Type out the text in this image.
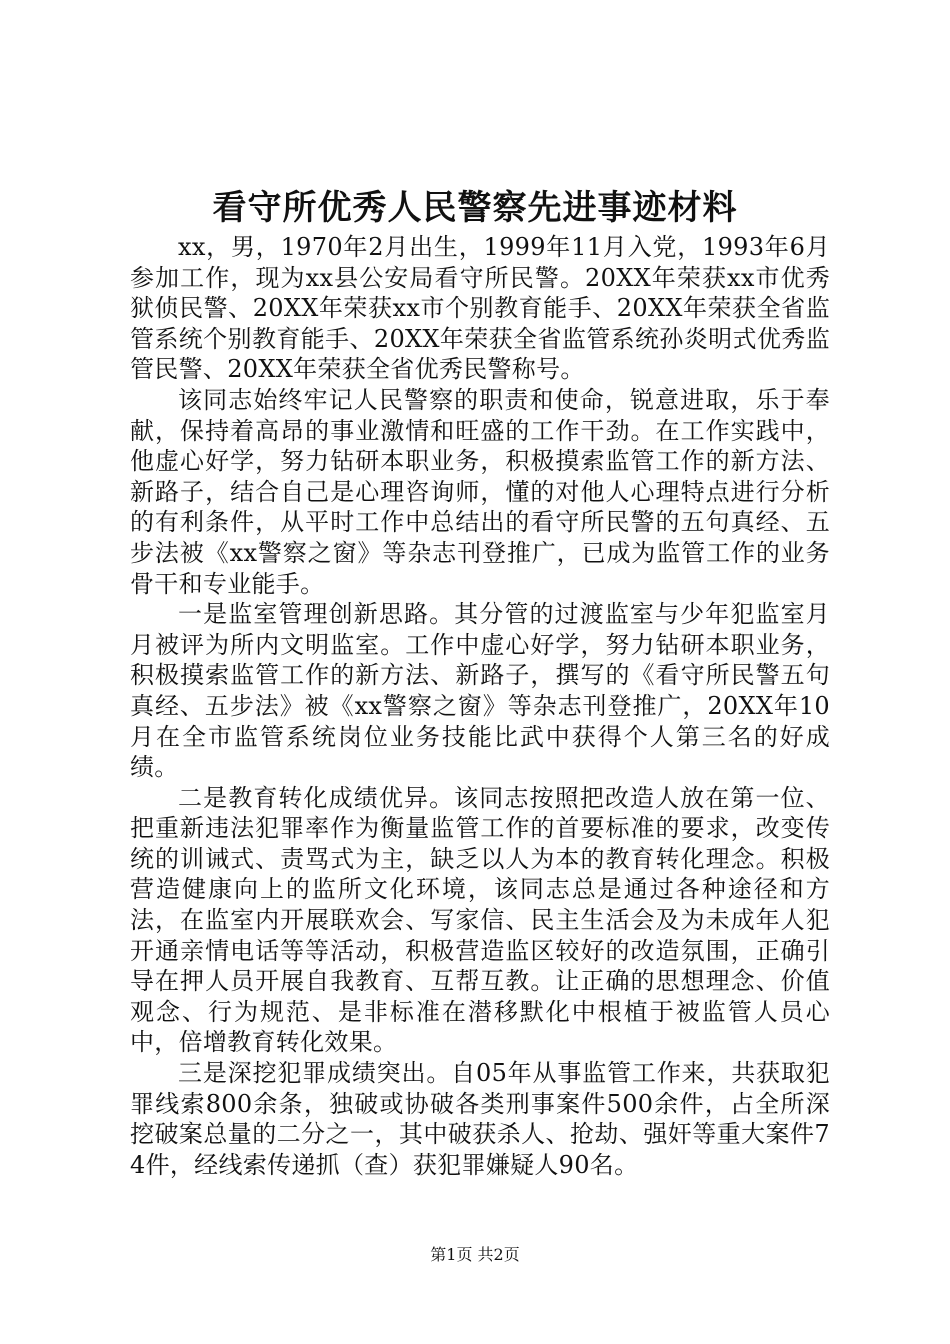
看守所优秀人民警察先进事迹材料

xx，男，1970年2月出生，1999年11月入党，1993年6月参加工作，现为xx县公安局看守所民警。20XX年荣获xx市优秀狱侦民警、20XX年荣获xx市个别教育能手、20XX年荣获全省监管系统个别教育能手、20XX年荣获全省监管系统孙炎明式优秀监管民警、20XX年荣获全省优秀民警称号。

该同志始终牢记人民警察的职责和使命，锐意进取，乐于奉献，保持着高昂的事业激情和旺盛的工作干劲。在工作实践中，他虚心好学，努力钻研本职业务，积极摸索监管工作的新方法、新路子，结合自己是心理咨询师，懂的对他人心理特点进行分析的有利条件，从平时工作中总结出的看守所民警的五句真经、五步法被《xx警察之窗》等杂志刊登推广，已成为监管工作的业务骨干和专业能手。

一是监室管理创新思路。其分管的过渡监室与少年犯监室月月被评为所内文明监室。工作中虚心好学，努力钻研本职业务，积极摸索监管工作的新方法、新路子，撰写的《看守所民警五句真经、五步法》被《xx警察之窗》等杂志刊登推广，20XX年10月在全市监管系统岗位业务技能比武中获得个人第三名的好成绩。

二是教育转化成绩优异。该同志按照把改造人放在第一位、把重新违法犯罪率作为衡量监管工作的首要标准的要求，改变传统的训诫式、责骂式为主，缺乏以人为本的教育转化理念。积极营造健康向上的监所文化环境，该同志总是通过各种途径和方法，在监室内开展联欢会、写家信、民主生活会及为未成年人犯开通亲情电话等等活动，积极营造监区较好的改造氛围，正确引导在押人员开展自我教育、互帮互教。让正确的思想理念、价值观念、行为规范、是非标准在潜移默化中根植于被监管人员心中，倍增教育转化效果。

三是深挖犯罪成绩突出。自05年从事监管工作来，共获取犯罪线索800余条，独破或协破各类刑事案件500余件，占全所深挖破案总量的二分之一，其中破获杀人、抢劫、强奸等重大案件74件，经线索传递抓（查）获犯罪嫌疑人90名。

第1页 共2页
